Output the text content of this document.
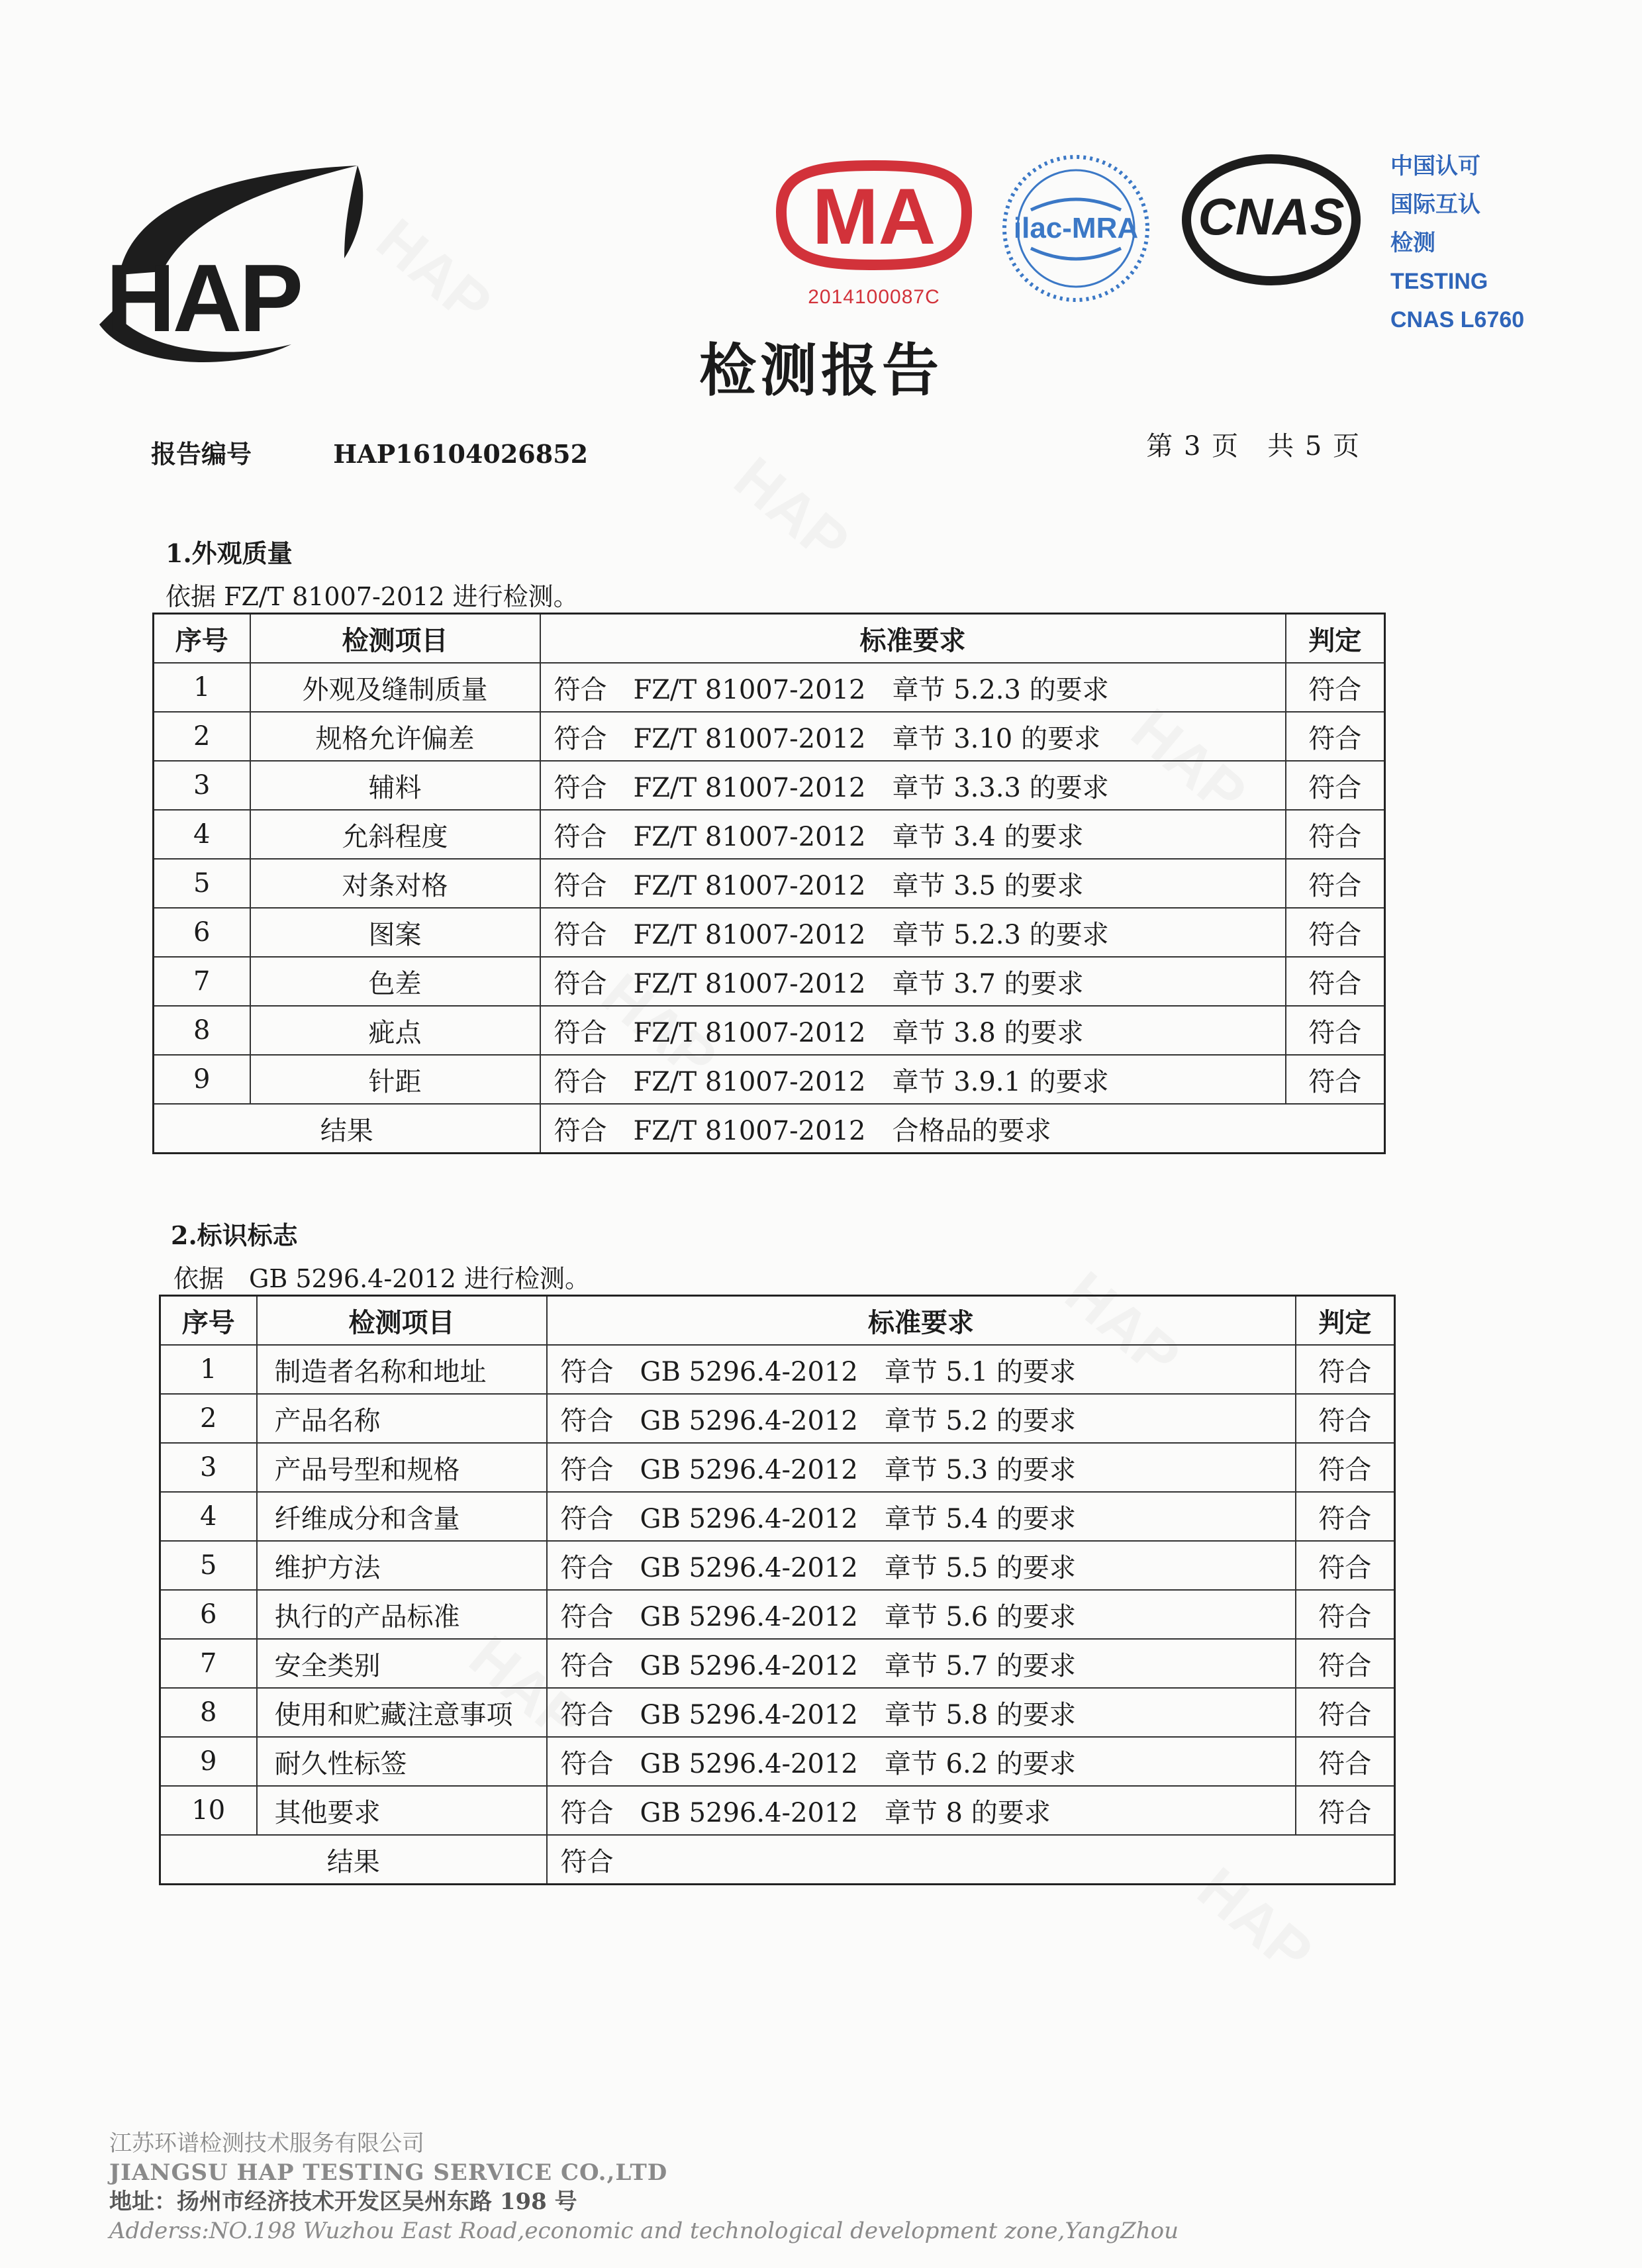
HAP
MA
2014100087C
ilac-MRA CNAS
中国认可
国际互认
检测
TESTING
CNAS L6760
检测报告
报告编号	HAP16104026852	第 3 页　共 5 页
1.外观质量
依据 FZ/T 81007-2012 进行检测。
序号	检测项目	标准要求	判定
1	外观及缝制质量	符合　FZ/T 81007-2012　章节 5.2.3 的要求	符合
2	规格允许偏差	符合　FZ/T 81007-2012　章节 3.10 的要求	符合
3	辅料	符合　FZ/T 81007-2012　章节 3.3.3 的要求	符合
4	允斜程度	符合　FZ/T 81007-2012　章节 3.4 的要求	符合
5	对条对格	符合　FZ/T 81007-2012　章节 3.5 的要求	符合
6	图案	符合　FZ/T 81007-2012　章节 5.2.3 的要求	符合
7	色差	符合　FZ/T 81007-2012　章节 3.7 的要求	符合
8	疵点	符合　FZ/T 81007-2012　章节 3.8 的要求	符合
9	针距	符合　FZ/T 81007-2012　章节 3.9.1 的要求	符合
结果		符合　FZ/T 81007-2012　合格品的要求	
2.标识标志
依据　GB 5296.4-2012 进行检测。
序号	检测项目	标准要求	判定
1	制造者名称和地址	符合　GB 5296.4-2012　章节 5.1 的要求	符合
2	产品名称	符合　GB 5296.4-2012　章节 5.2 的要求	符合
3	产品号型和规格	符合　GB 5296.4-2012　章节 5.3 的要求	符合
4	纤维成分和含量	符合　GB 5296.4-2012　章节 5.4 的要求	符合
5	维护方法	符合　GB 5296.4-2012　章节 5.5 的要求	符合
6	执行的产品标准	符合　GB 5296.4-2012　章节 5.6 的要求	符合
7	安全类别	符合　GB 5296.4-2012　章节 5.7 的要求	符合
8	使用和贮藏注意事项	符合　GB 5296.4-2012　章节 5.8 的要求	符合
9	耐久性标签	符合　GB 5296.4-2012　章节 6.2 的要求	符合
10	其他要求	符合　GB 5296.4-2012　章节 8 的要求	符合
结果		符合	
江苏环谱检测技术服务有限公司
JIANGSU HAP TESTING SERVICE CO.,LTD
地址：扬州市经济技术开发区吴州东路 198 号
Adderss:NO.198 Wuzhou East Road,economic and technological development zone,YangZhou
